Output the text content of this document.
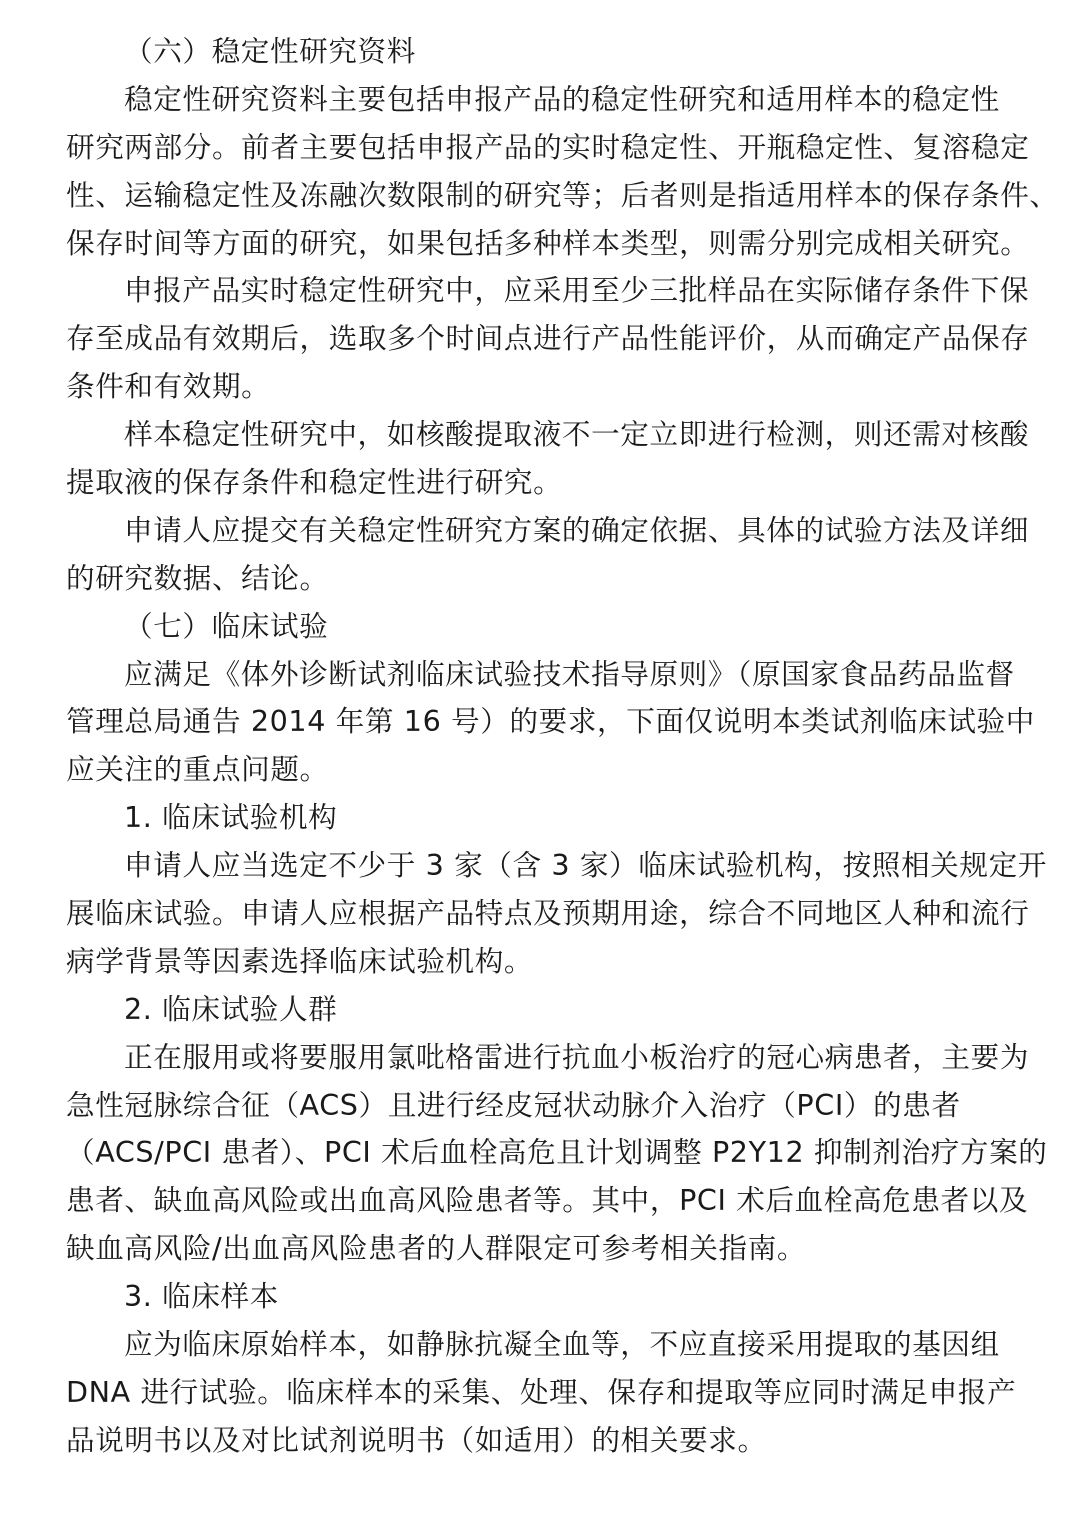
（六）稳定性研究资料
稳定性研究资料主要包括申报产品的稳定性研究和适用样本的稳定性
研究两部分。前者主要包括申报产品的实时稳定性、开瓶稳定性、复溶稳定
性、运输稳定性及冻融次数限制的研究等；后者则是指适用样本的保存条件、
保存时间等方面的研究，如果包括多种样本类型，则需分别完成相关研究。
申报产品实时稳定性研究中，应采用至少三批样品在实际储存条件下保
存至成品有效期后，选取多个时间点进行产品性能评价，从而确定产品保存
条件和有效期。
样本稳定性研究中，如核酸提取液不一定立即进行检测，则还需对核酸
提取液的保存条件和稳定性进行研究。
申请人应提交有关稳定性研究方案的确定依据、具体的试验方法及详细
的研究数据、结论。
（七）临床试验
应满足《体外诊断试剂临床试验技术指导原则》（原国家食品药品监督
管理总局通告 2014 年第 16 号）的要求，下面仅说明本类试剂临床试验中
应关注的重点问题。
1. 临床试验机构
申请人应当选定不少于 3 家（含 3 家）临床试验机构，按照相关规定开
展临床试验。申请人应根据产品特点及预期用途，综合不同地区人种和流行
病学背景等因素选择临床试验机构。
2. 临床试验人群
正在服用或将要服用氯吡格雷进行抗血小板治疗的冠心病患者，主要为
急性冠脉综合征（ACS）且进行经皮冠状动脉介入治疗（PCI）的患者
（ACS/PCI 患者）、PCI 术后血栓高危且计划调整 P2Y12 抑制剂治疗方案的
患者、缺血高风险或出血高风险患者等。其中，PCI 术后血栓高危患者以及
缺血高风险/出血高风险患者的人群限定可参考相关指南。
3. 临床样本
应为临床原始样本，如静脉抗凝全血等，不应直接采用提取的基因组
DNA 进行试验。临床样本的采集、处理、保存和提取等应同时满足申报产
品说明书以及对比试剂说明书（如适用）的相关要求。
